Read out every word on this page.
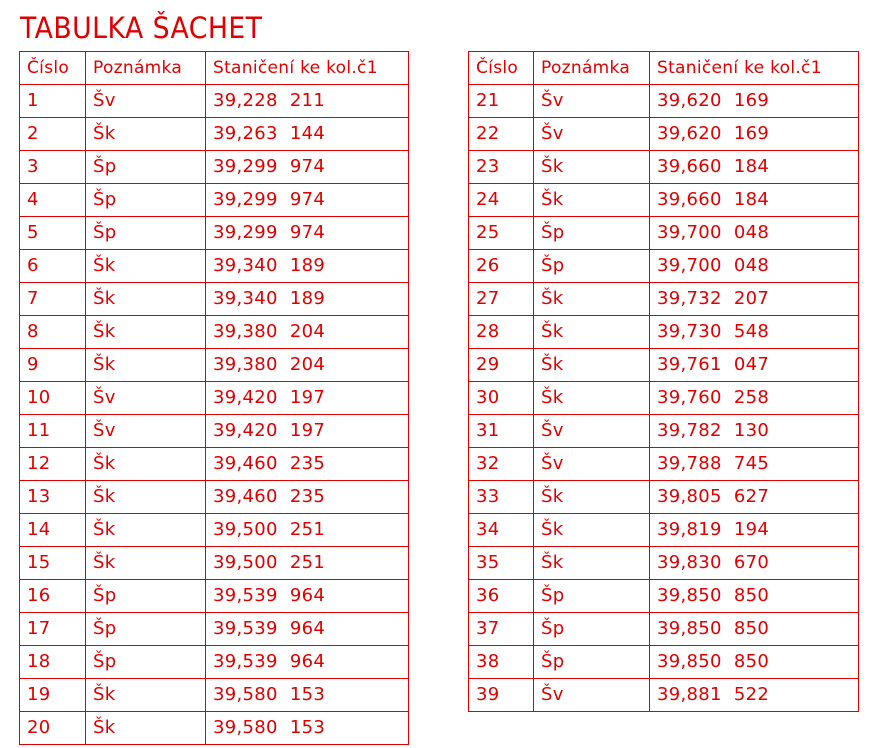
TABULKA ŠACHET
Číslo	Poznámka	Staničení ke kol.č1
1	Šv	39,228  211
2	Šk	39,263  144
3	Šp	39,299  974
4	Šp	39,299  974
5	Šp	39,299  974
6	Šk	39,340  189
7	Šk	39,340  189
8	Šk	39,380  204
9	Šk	39,380  204
10	Šv	39,420  197
11	Šv	39,420  197
12	Šk	39,460  235
13	Šk	39,460  235
14	Šk	39,500  251
15	Šk	39,500  251
16	Šp	39,539  964
17	Šp	39,539  964
18	Šp	39,539  964
19	Šk	39,580  153
20	Šk	39,580  153
Číslo	Poznámka	Staničení ke kol.č1
21	Šv	39,620  169
22	Šv	39,620  169
23	Šk	39,660  184
24	Šk	39,660  184
25	Šp	39,700  048
26	Šp	39,700  048
27	Šk	39,732  207
28	Šk	39,730  548
29	Šk	39,761  047
30	Šk	39,760  258
31	Šv	39,782  130
32	Šv	39,788  745
33	Šk	39,805  627
34	Šk	39,819  194
35	Šk	39,830  670
36	Šp	39,850  850
37	Šp	39,850  850
38	Šp	39,850  850
39	Šv	39,881  522
